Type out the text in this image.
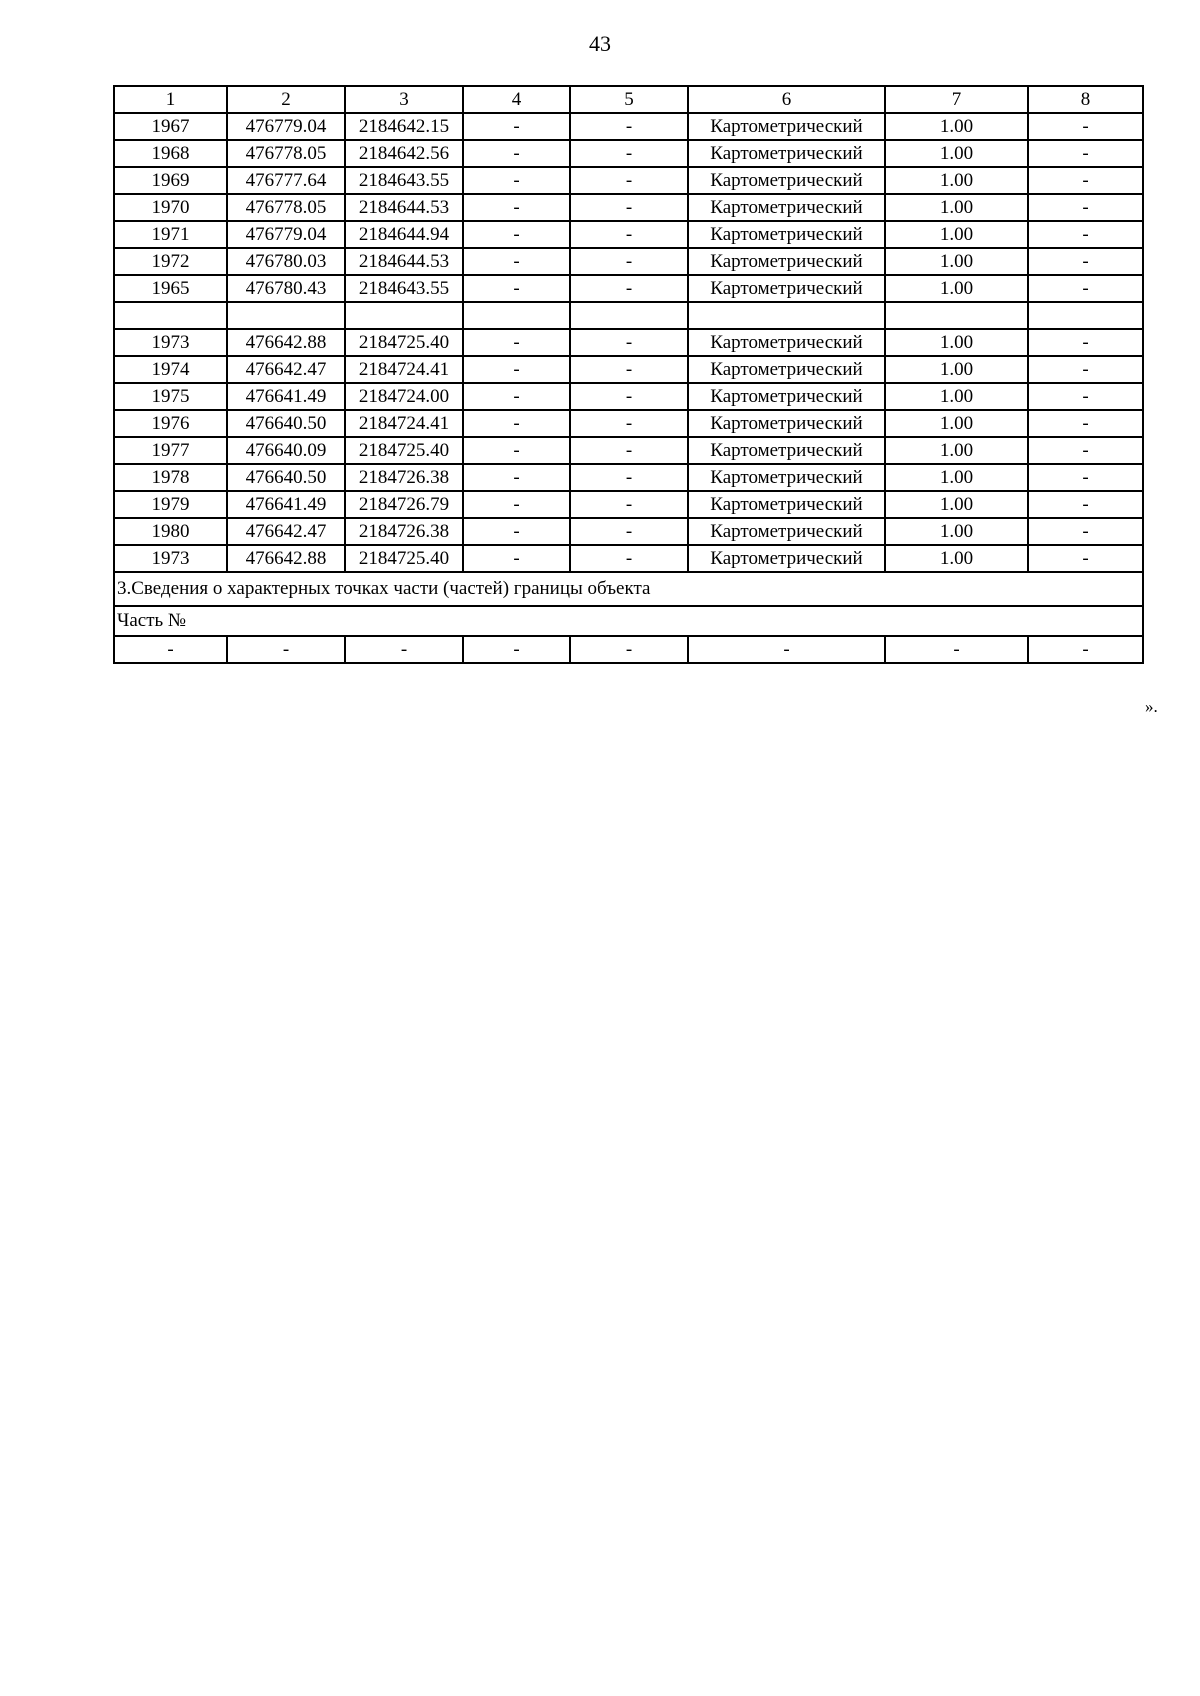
43
1	2	3	4	5	6	7	8
1967	476779.04	2184642.15	-	-	Картометрический	1.00	-
1968	476778.05	2184642.56	-	-	Картометрический	1.00	-
1969	476777.64	2184643.55	-	-	Картометрический	1.00	-
1970	476778.05	2184644.53	-	-	Картометрический	1.00	-
1971	476779.04	2184644.94	-	-	Картометрический	1.00	-
1972	476780.03	2184644.53	-	-	Картометрический	1.00	-
1965	476780.43	2184643.55	-	-	Картометрический	1.00	-

1973	476642.88	2184725.40	-	-	Картометрический	1.00	-
1974	476642.47	2184724.41	-	-	Картометрический	1.00	-
1975	476641.49	2184724.00	-	-	Картометрический	1.00	-
1976	476640.50	2184724.41	-	-	Картометрический	1.00	-
1977	476640.09	2184725.40	-	-	Картометрический	1.00	-
1978	476640.50	2184726.38	-	-	Картометрический	1.00	-
1979	476641.49	2184726.79	-	-	Картометрический	1.00	-
1980	476642.47	2184726.38	-	-	Картометрический	1.00	-
1973	476642.88	2184725.40	-	-	Картометрический	1.00	-
3.Сведения о характерных точках части (частей) границы объекта							
Часть №							
-	-	-	-	-	-	-	-
».
